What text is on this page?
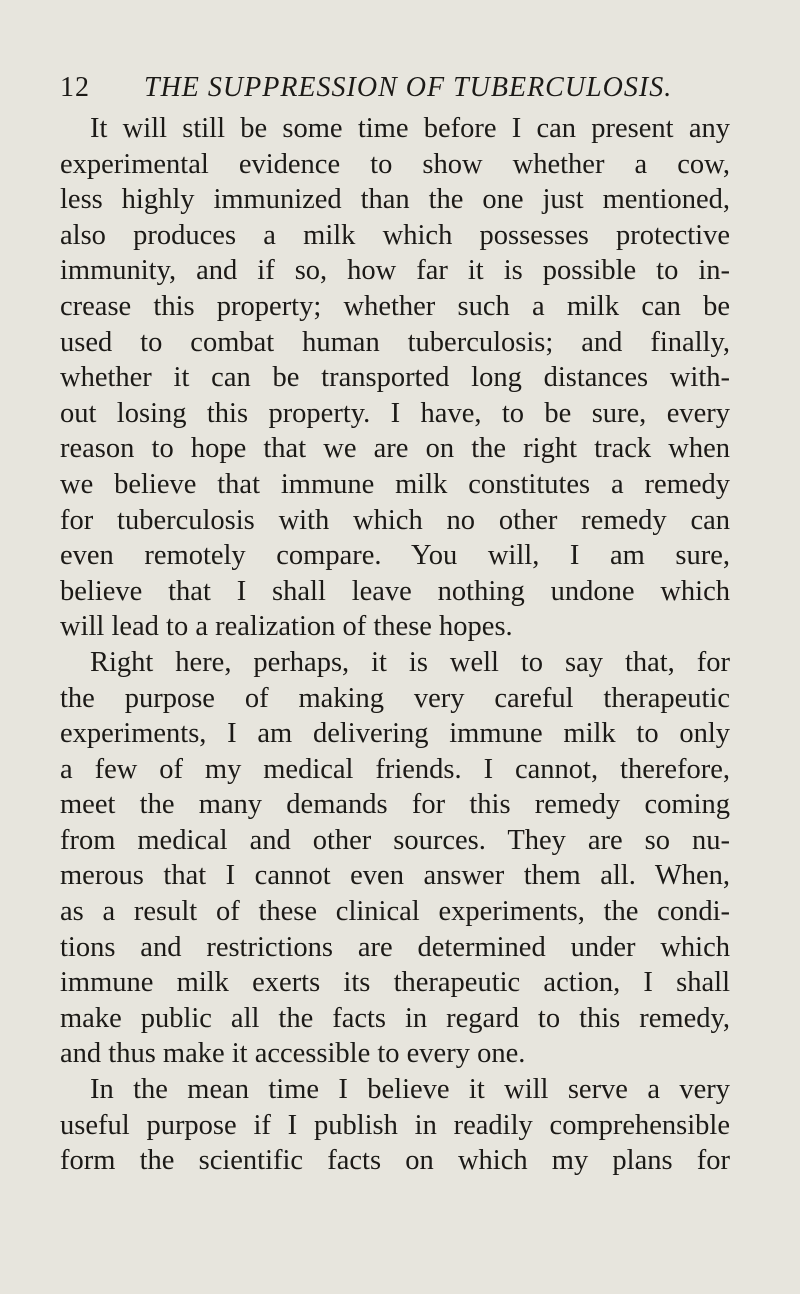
12 THE SUPPRESSION OF TUBERCULOSIS.
It will still be some time before I can present any
experimental evidence to show whether a cow,
less highly immunized than the one just mentioned,
also produces a milk which possesses protective
immunity, and if so, how far it is possible to in-
crease this property; whether such a milk can be
used to combat human tuberculosis; and finally,
whether it can be transported long distances with-
out losing this property. I have, to be sure, every
reason to hope that we are on the right track when
we believe that immune milk constitutes a remedy
for tuberculosis with which no other remedy can
even remotely compare. You will, I am sure,
believe that I shall leave nothing undone which
will lead to a realization of these hopes.
Right here, perhaps, it is well to say that, for
the purpose of making very careful therapeutic
experiments, I am delivering immune milk to only
a few of my medical friends. I cannot, therefore,
meet the many demands for this remedy coming
from medical and other sources. They are so nu-
merous that I cannot even answer them all. When,
as a result of these clinical experiments, the condi-
tions and restrictions are determined under which
immune milk exerts its therapeutic action, I shall
make public all the facts in regard to this remedy,
and thus make it accessible to every one.
In the mean time I believe it will serve a very
useful purpose if I publish in readily comprehensible
form the scientific facts on which my plans for
